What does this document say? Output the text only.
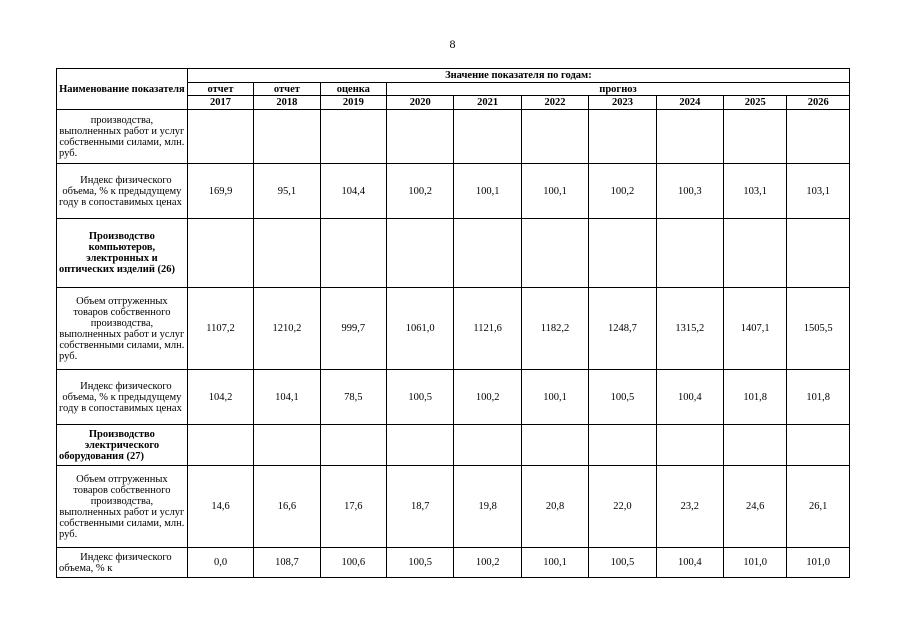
8
Наименование показателя	Значение показателя по годам:									
	отчет	отчет	оценка	прогноз						
	2017	2018	2019	2020	2021	2022	2023	2024	2025	2026
производства, выполненных работ и услуг собственными силами, млн. руб.										
Индекс физического объема, % к предыдущему году в сопоставимых ценах	169,9	95,1	104,4	100,2	100,1	100,1	100,2	100,3	103,1	103,1
Производство компьютеров, электронных и оптических изделий (26)										
Объем отгруженных товаров собственного производства, выполненных работ и услуг собственными силами, млн. руб.	1107,2	1210,2	999,7	1061,0	1121,6	1182,2	1248,7	1315,2	1407,1	1505,5
Индекс физического объема, % к предыдущему году в сопоставимых ценах	104,2	104,1	78,5	100,5	100,2	100,1	100,5	100,4	101,8	101,8
Производство электрического оборудования (27)										
Объем отгруженных товаров собственного производства, выполненных работ и услуг собственными силами, млн. руб.	14,6	16,6	17,6	18,7	19,8	20,8	22,0	23,2	24,6	26,1
Индекс физического объема, % к	0,0	108,7	100,6	100,5	100,2	100,1	100,5	100,4	101,0	101,0
